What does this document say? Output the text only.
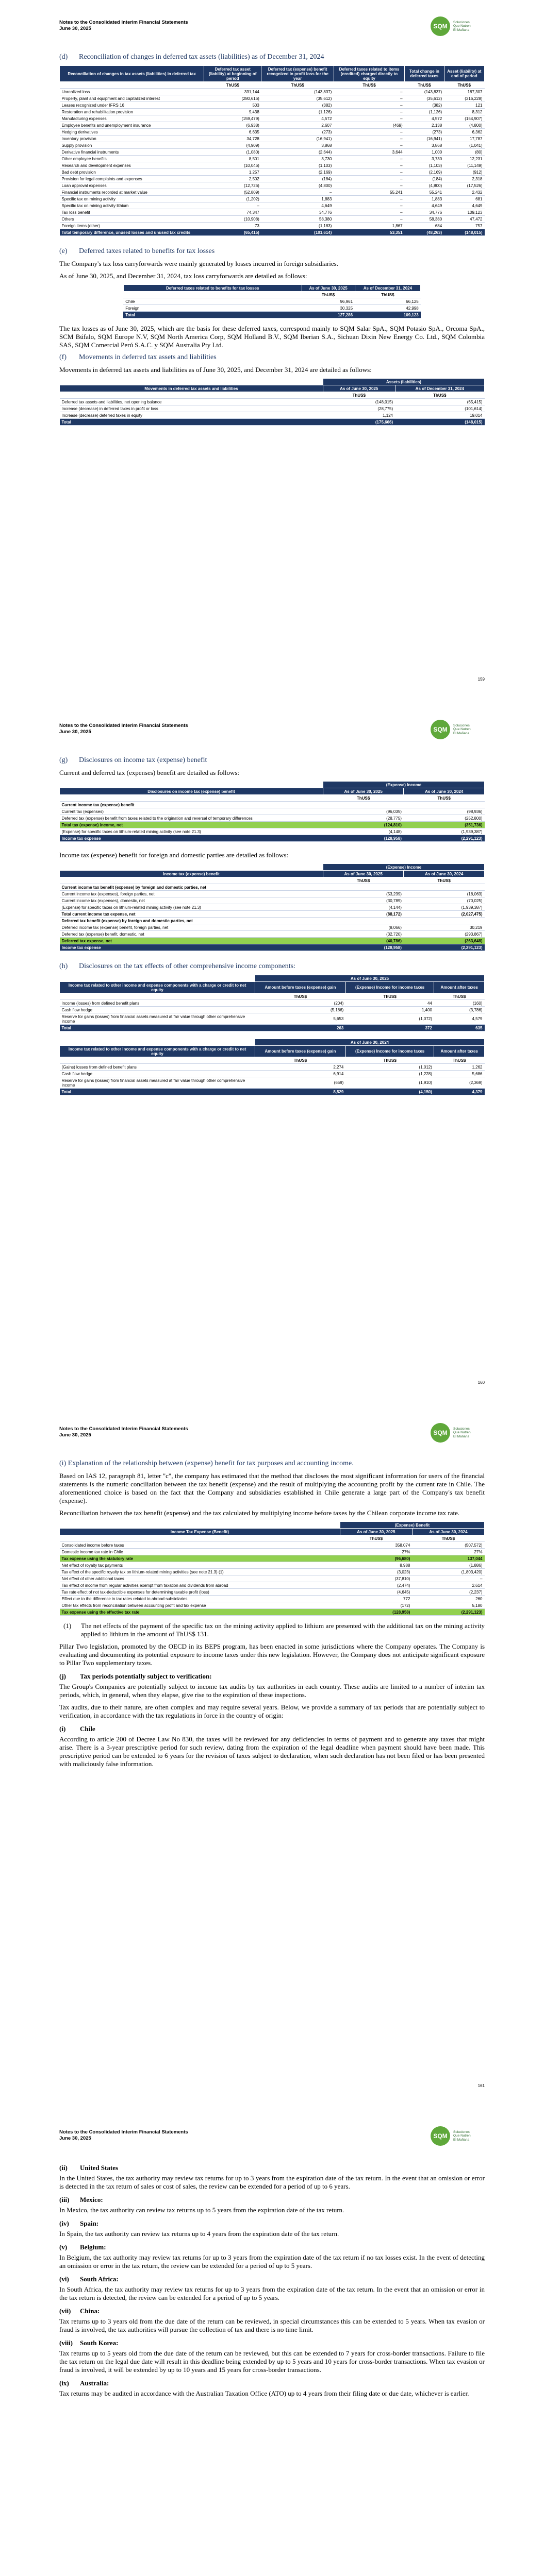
Notes to the Consolidated Interim Financial Statements
June 30, 2025	SQM
Soluciones
Que Nutren
El Mañana
(d)	Reconciliation of changes in deferred tax assets (liabilities) as of December 31, 2024
Reconciliation of changes in tax assets (liabilities) in deferred tax	Deferred tax asset (liability) at beginning of period	Deferred tax (expense) benefit recognized in profit loss for the year	Deferred taxes related to items (credited) charged directly to equity	Total change in deferred taxes	Asset (liability) at end of period
	ThUS$	ThUS$	ThUS$	ThUS$	ThUS$
Unrealized loss	331,144	(143,837)	–	(143,837)	187,307
Property, plant and equipment and capitalized interest	(280,616)	(35,612)	–	(35,612)	(316,228)
Leases recognized under IFRS 16	503	(382)	–	(382)	121
Restoration and rehabilitation provision	9,438	(1,126)	–	(1,126)	8,312
Manufacturing expenses	(159,479)	4,572	–	4,572	(154,907)
Employee benefits and unemployment insurance	(6,938)	2,607	(469)	2,138	(4,800)
Hedging derivatives	6,635	(273)	–	(273)	6,362
Inventory provision	34,728	(16,941)	–	(16,941)	17,787
Supply provision	(4,909)	3,868	–	3,868	(1,041)
Derivative financial instruments	(1,080)	(2,644)	3,644	1,000	(80)
Other employee benefits	8,501	3,730	–	3,730	12,231
Research and development expenses	(10,046)	(1,103)	–	(1,103)	(11,149)
Bad debt provision	1,257	(2,169)	–	(2,169)	(912)
Provision for legal complaints and expenses	2,502	(184)	–	(184)	2,318
Loan approval expenses	(12,726)	(4,800)	–	(4,800)	(17,526)
Financial instruments recorded at market value	(52,809)	–	55,241	55,241	2,432
Specific tax on mining activity	(1,202)	1,883	–	1,883	681
Specific tax on mining activity lithium	–	4,649	–	4,649	4,649
Tax loss benefit	74,347	34,776	–	34,776	109,123
Others	(10,908)	58,380	–	58,380	47,472
Foreign items (other)	73	(1,183)	1,867	684	757
Total temporary difference, unused losses and unused tax credits	(65,415)	(101,614)	53,351	(48,263)	(148,015)
(e)	Deferred taxes related to benefits for tax losses

The Company's tax loss carryforwards were mainly generated by losses incurred in foreign subsidiaries.

As of June 30, 2025, and December 31, 2024, tax loss carryforwards are detailed as follows:

Deferred taxes related to benefits for tax losses	As of June 30, 2025	As of December 31, 2024
	ThUS$	ThUS$
Chile	96,961	66,125
Foreign	30,325	42,998
Total	127,286	109,123

The tax losses as of June 30, 2025, which are the basis for these deferred taxes, correspond mainly to SQM Salar SpA., SQM Potasio SpA., Orcoma SpA., SCM Búfalo, SQM Europe N.V, SQM North America Corp, SQM Holland B.V., SQM Iberian S.A., Sichuan Dixin New Energy Co. Ltd., SQM Colombia SAS, SQM Comercial Perú S.A.C. y SQM Australia Pty Ltd.

(f)	Movements in deferred tax assets and liabilities

Movements in deferred tax assets and liabilities as of June 30, 2025, and December 31, 2024 are detailed as follows:

	Assets (liabilities)	
Movements in deferred tax assets and liabilities	As of June 30, 2025	As of December 31, 2024
	ThUS$	ThUS$
Deferred tax assets and liabilities, net opening balance	(148,015)	(65,415)
Increase (decrease) in deferred taxes in profit or loss	(28,775)	(101,614)
Increase (decrease) deferred taxes in equity	1,124	19,014
Total	(175,666)	(148,015)
159
Notes to the Consolidated Interim Financial Statements
June 30, 2025	SQM
Soluciones
Que Nutren
El Mañana
(g)	Disclosures on income tax (expense) benefit

Current and deferred tax (expenses) benefit are detailed as follows:

	(Expense) Income	
Disclosures on income tax (expense) benefit	As of June 30, 2025	As of June 30, 2024
	ThUS$	ThUS$
Current income tax (expense) benefit		
Current tax (expenses)	(96,035)	(98,936)
Deferred tax (expense) benefit from taxes related to the origination and reversal of temporary differences	(28,775)	(252,800)
Total tax (expense) income, net	(124,810)	(351,736)
(Expense) for specific taxes on lithium-related mining activity (see note 21.3)	(4,148)	(1,939,387)
Income tax expense	(128,958)	(2,291,123)

Income tax (expense) benefit for foreign and domestic parties are detailed as follows:

	(Expense) Income	
Income tax (expense) benefit	As of June 30, 2025	As of June 30, 2024
	ThUS$	ThUS$
Current income tax benefit (expense) by foreign and domestic parties, net		
Current income tax (expenses), foreign parties, net	(53,239)	(18,063)
Current income tax (expenses), domestic, net	(30,789)	(70,025)
(Expense) for specific taxes on lithium-related mining activity (see note 21.3)	(4,144)	(1,939,387)
Total current income tax expense, net	(88,172)	(2,027,475)
Deferred tax benefit (expense) by foreign and domestic parties, net		
Deferred income tax (expense) benefit, foreign parties, net	(8,066)	30,219
Deferred tax (expense) benefit, domestic, net	(32,720)	(293,867)
Deferred tax expense, net	(40,786)	(263,648)
Income tax expense	(128,958)	(2,291,123)
(h)	Disclosures on the tax effects of other comprehensive income components:
	As of June 30, 2025		
Income tax related to other income and expense components with a charge or credit to net equity	Amount before taxes (expense) gain	(Expense) Income for income taxes	Amount after taxes
	ThUS$	ThUS$	ThUS$
Income (losses) from defined benefit plans	(204)	44	(160)
Cash flow hedge	(5,186)	1,400	(3,786)
Reserve for gains (losses) from financial assets measured at fair value through other comprehensive income	5,653	(1,072)	4,579
Total	263	372	635
	As of June 30, 2024		
Income tax related to other income and expense components with a charge or credit to net equity	Amount before taxes (expense) gain	(Expense) Income for income taxes	Amount after taxes
	ThUS$	ThUS$	ThUS$
(Gains) losses from defined benefit plans	2,274	(1,012)	1,262
Cash flow hedge	6,914	(1,228)	5,686
Reserve for gains (losses) from financial assets measured at fair value through other comprehensive income	(659)	(1,910)	(2,369)
Total	8,529	(4,150)	4,379
160
Notes to the Consolidated Interim Financial Statements
June 30, 2025	SQM
Soluciones
Que Nutren
El Mañana
(i) Explanation of the relationship between (expense) benefit for tax purposes and accounting income.

Based on IAS 12, paragraph 81, letter "c", the company has estimated that the method that discloses the most significant information for users of the financial statements is the numeric conciliation between the tax benefit (expense) and the result of multiplying the accounting profit by the current rate in Chile. The aforementioned choice is based on the fact that the Company and subsidiaries established in Chile generate a large part of the Company's tax benefit (expense).

Reconciliation between the tax benefit (expense) and the tax calculated by multiplying income before taxes by the Chilean corporate income tax rate.

	(Expense) Benefit	
Income Tax Expense (Benefit)	As of June 30, 2025	As of June 30, 2024
	ThUS$	ThUS$
Consolidated income before taxes	358,074	(507,572)
Domestic income tax rate in Chile	27%	27%
Tax expense using the statutory rate	(96,680)	137,044
Net effect of royalty tax payments	8,988	(1,886)
Tax effect of the specific royalty tax on lithium-related mining activities (see note 21.3) (1)	(3,023)	(1,803,420)
Net effect of other additional taxes	(37,810)	–
Tax effect of income from regular activities exempt from taxation and dividends from abroad	(2,474)	2,614
Tax rate effect of not tax-deductible expenses for determining taxable profit (loss)	(4,645)	(2,237)
Effect due to the difference in tax rates related to abroad subsidiaries	772	260
Other tax effects from reconciliation between accounting profit and tax expense	(172)	5,180
Tax expense using the effective tax rate	(128,958)	(2,291,123)
(1)	The net effects of the payment of the specific tax on the mining activity applied to lithium are presented with the additional tax on the mining activity applied to lithium in the amount of ThUS$ 131.

Pillar Two legislation, promoted by the OECD in its BEPS program, has been enacted in some jurisdictions where the Company operates. The Company is evaluating and documenting its potential exposure to income taxes under this new legislation. However, the Company does not anticipate significant exposure to Pillar Two supplementary taxes.

(j)	Tax periods potentially subject to verification:

The Group's Companies are potentially subject to income tax audits by tax authorities in each country. These audits are limited to a number of interim tax periods, which, in general, when they elapse, give rise to the expiration of these inspections.

Tax audits, due to their nature, are often complex and may require several years. Below, we provide a summary of tax periods that are potentially subject to verification, in accordance with the tax regulations in force in the country of origin:

(i)	Chile

According to article 200 of Decree Law No 830, the taxes will be reviewed for any deficiencies in terms of payment and to generate any taxes that might arise. There is a 3-year prescriptive period for such review, dating from the expiration of the legal deadline when payment should have been made. This prescriptive period can be extended to 6 years for the revision of taxes subject to declaration, when such declaration has not been filed or has been presented with maliciously false information.

161
Notes to the Consolidated Interim Financial Statements
June 30, 2025	SQM
Soluciones
Que Nutren
El Mañana
(ii)	United States

In the United States, the tax authority may review tax returns for up to 3 years from the expiration date of the tax return. In the event that an omission or error is detected in the tax return of sales or cost of sales, the review can be extended for a period of up to 6 years.

(iii)	Mexico:

In Mexico, the tax authority can review tax returns up to 5 years from the expiration date of the tax return.

(iv)	Spain:

In Spain, the tax authority can review tax returns up to 4 years from the expiration date of the tax return.

(v)	Belgium:

In Belgium, the tax authority may review tax returns for up to 3 years from the expiration date of the tax return if no tax losses exist. In the event of detecting an omission or error in the tax return, the review can be extended for a period of up to 5 years.

(vi)	South Africa:

In South Africa, the tax authority may review tax returns for up to 3 years from the expiration date of the tax return. In the event that an omission or error in the tax return is detected, the review can be extended for a period of up to 5 years.

(vii)	China:

Tax returns up to 3 years old from the due date of the return can be reviewed, in special circumstances this can be extended to 5 years. When tax evasion or fraud is involved, the tax authorities will pursue the collection of tax and there is no time limit.

(viii)	South Korea:

Tax returns up to 5 years old from the due date of the return can be reviewed, but this can be extended to 7 years for cross-border transactions. Failure to file the tax return on the legal due date will result in this deadline being extended by up to 5 years and 10 years for cross-border transactions. When tax evasion or fraud is involved, it will be extended by up to 10 years and 15 years for cross-border transactions.

(ix)	Australia:

Tax returns may be audited in accordance with the Australian Taxation Office (ATO) up to 4 years from their filing date or due date, whichever is earlier.
